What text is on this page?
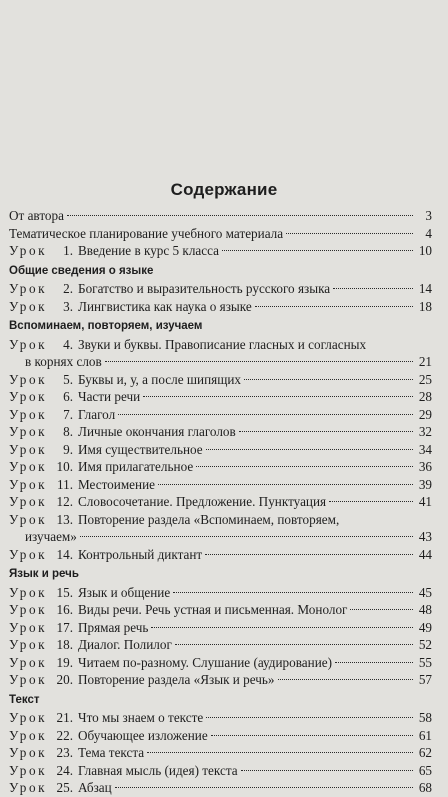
Содержание
От автора	3
Тематическое планирование учебного материала	4
Урок	1. Введение в курс 5 класса	10
Общие сведения о языке
Урок	2. Богатство и выразительность русского языка	14
Урок	3. Лингвистика как наука о языке	18
Вспоминаем, повторяем, изучаем
Урок	4. Звуки и буквы. Правописание гласных и согласных
в корнях слов	21
Урок	5. Буквы и, у, а после шипящих	25
Урок	6. Части речи	28
Урок	7. Глагол	29
Урок	8. Личные окончания глаголов	32
Урок	9. Имя существительное	34
Урок 10. Имя прилагательное	36
Урок 11. Местоимение	39
Урок 12. Словосочетание. Предложение. Пунктуация	41
Урок 13. Повторение раздела «Вспоминаем, повторяем,
изучаем»	43
Урок 14. Контрольный диктант	44
Язык и речь
Урок 15. Язык и общение	45
Урок 16. Виды речи. Речь устная и письменная. Монолог	48
Урок 17. Прямая речь	49
Урок 18. Диалог. Полилог	52
Урок 19. Читаем по-разному. Слушание (аудирование)	55
Урок 20. Повторение раздела «Язык и речь»	57
Текст
Урок 21. Что мы знаем о тексте	58
Урок 22. Обучающее изложение	61
Урок 23. Тема текста	62
Урок 24. Главная мысль (идея) текста	65
Урок 25. Абзац	68
